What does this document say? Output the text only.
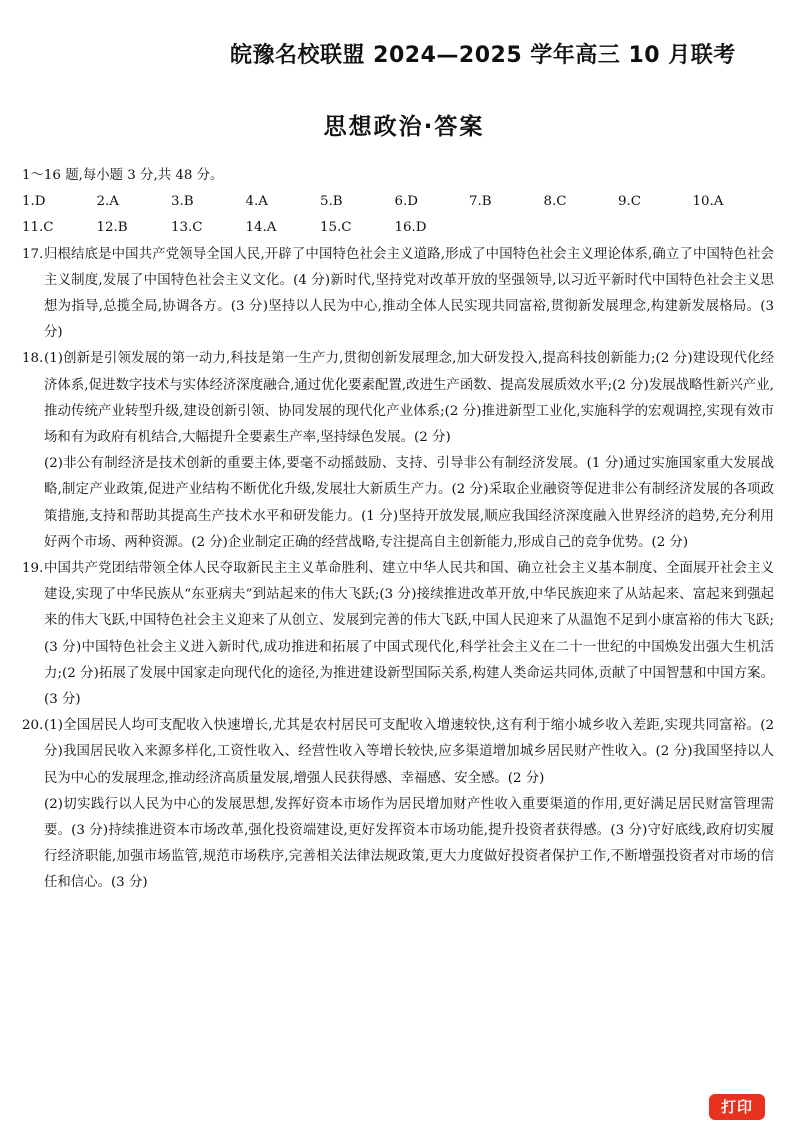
皖豫名校联盟 2024—2025 学年高三 10 月联考
思想政治·答案
1～16 题,每小题 3 分,共 48 分。
1.D	2.A	3.B	4.A	5.B	6.D	7.B	8.C	9.C	10.A
11.C	12.B	13.C	14.A	15.C	16.D
17. 归根结底是中国共产党领导全国人民,开辟了中国特色社会主义道路,形成了中国特色社会主义理论体系,确立了中国特色社会主义制度,发展了中国特色社会主义文化。(4 分)新时代,坚持党对改革开放的坚强领导,以习近平新时代中国特色社会主义思想为指导,总揽全局,协调各方。(3 分)坚持以人民为中心,推动全体人民实现共同富裕,贯彻新发展理念,构建新发展格局。(3 分)

18. (1)创新是引领发展的第一动力,科技是第一生产力,贯彻创新发展理念,加大研发投入,提高科技创新能力;(2 分)建设现代化经济体系,促进数字技术与实体经济深度融合,通过优化要素配置,改进生产函数、提高发展质效水平;(2 分)发展战略性新兴产业,推动传统产业转型升级,建设创新引领、协同发展的现代化产业体系;(2 分)推进新型工业化,实施科学的宏观调控,实现有效市场和有为政府有机结合,大幅提升全要素生产率,坚持绿色发展。(2 分)

(2)非公有制经济是技术创新的重要主体,要毫不动摇鼓励、支持、引导非公有制经济发展。(1 分)通过实施国家重大发展战略,制定产业政策,促进产业结构不断优化升级,发展壮大新质生产力。(2 分)采取企业融资等促进非公有制经济发展的各项政策措施,支持和帮助其提高生产技术水平和研发能力。(1 分)坚持开放发展,顺应我国经济深度融入世界经济的趋势,充分利用好两个市场、两种资源。(2 分)企业制定正确的经营战略,专注提高自主创新能力,形成自己的竞争优势。(2 分)

19. 中国共产党团结带领全体人民夺取新民主主义革命胜利、建立中华人民共和国、确立社会主义基本制度、全面展开社会主义建设,实现了中华民族从“东亚病夫”到站起来的伟大飞跃;(3 分)接续推进改革开放,中华民族迎来了从站起来、富起来到强起来的伟大飞跃,中国特色社会主义迎来了从创立、发展到完善的伟大飞跃,中国人民迎来了从温饱不足到小康富裕的伟大飞跃;(3 分)中国特色社会主义进入新时代,成功推进和拓展了中国式现代化,科学社会主义在二十一世纪的中国焕发出强大生机活力;(2 分)拓展了发展中国家走向现代化的途径,为推进建设新型国际关系,构建人类命运共同体,贡献了中国智慧和中国方案。(3 分)

20. (1)全国居民人均可支配收入快速增长,尤其是农村居民可支配收入增速较快,这有利于缩小城乡收入差距,实现共同富裕。(2 分)我国居民收入来源多样化,工资性收入、经营性收入等增长较快,应多渠道增加城乡居民财产性收入。(2 分)我国坚持以人民为中心的发展理念,推动经济高质量发展,增强人民获得感、幸福感、安全感。(2 分)

(2)切实践行以人民为中心的发展思想,发挥好资本市场作为居民增加财产性收入重要渠道的作用,更好满足居民财富管理需要。(3 分)持续推进资本市场改革,强化投资端建设,更好发挥资本市场功能,提升投资者获得感。(3 分)守好底线,政府切实履行经济职能,加强市场监管,规范市场秩序,完善相关法律法规政策,更大力度做好投资者保护工作,不断增强投资者对市场的信任和信心。(3 分)

打印
